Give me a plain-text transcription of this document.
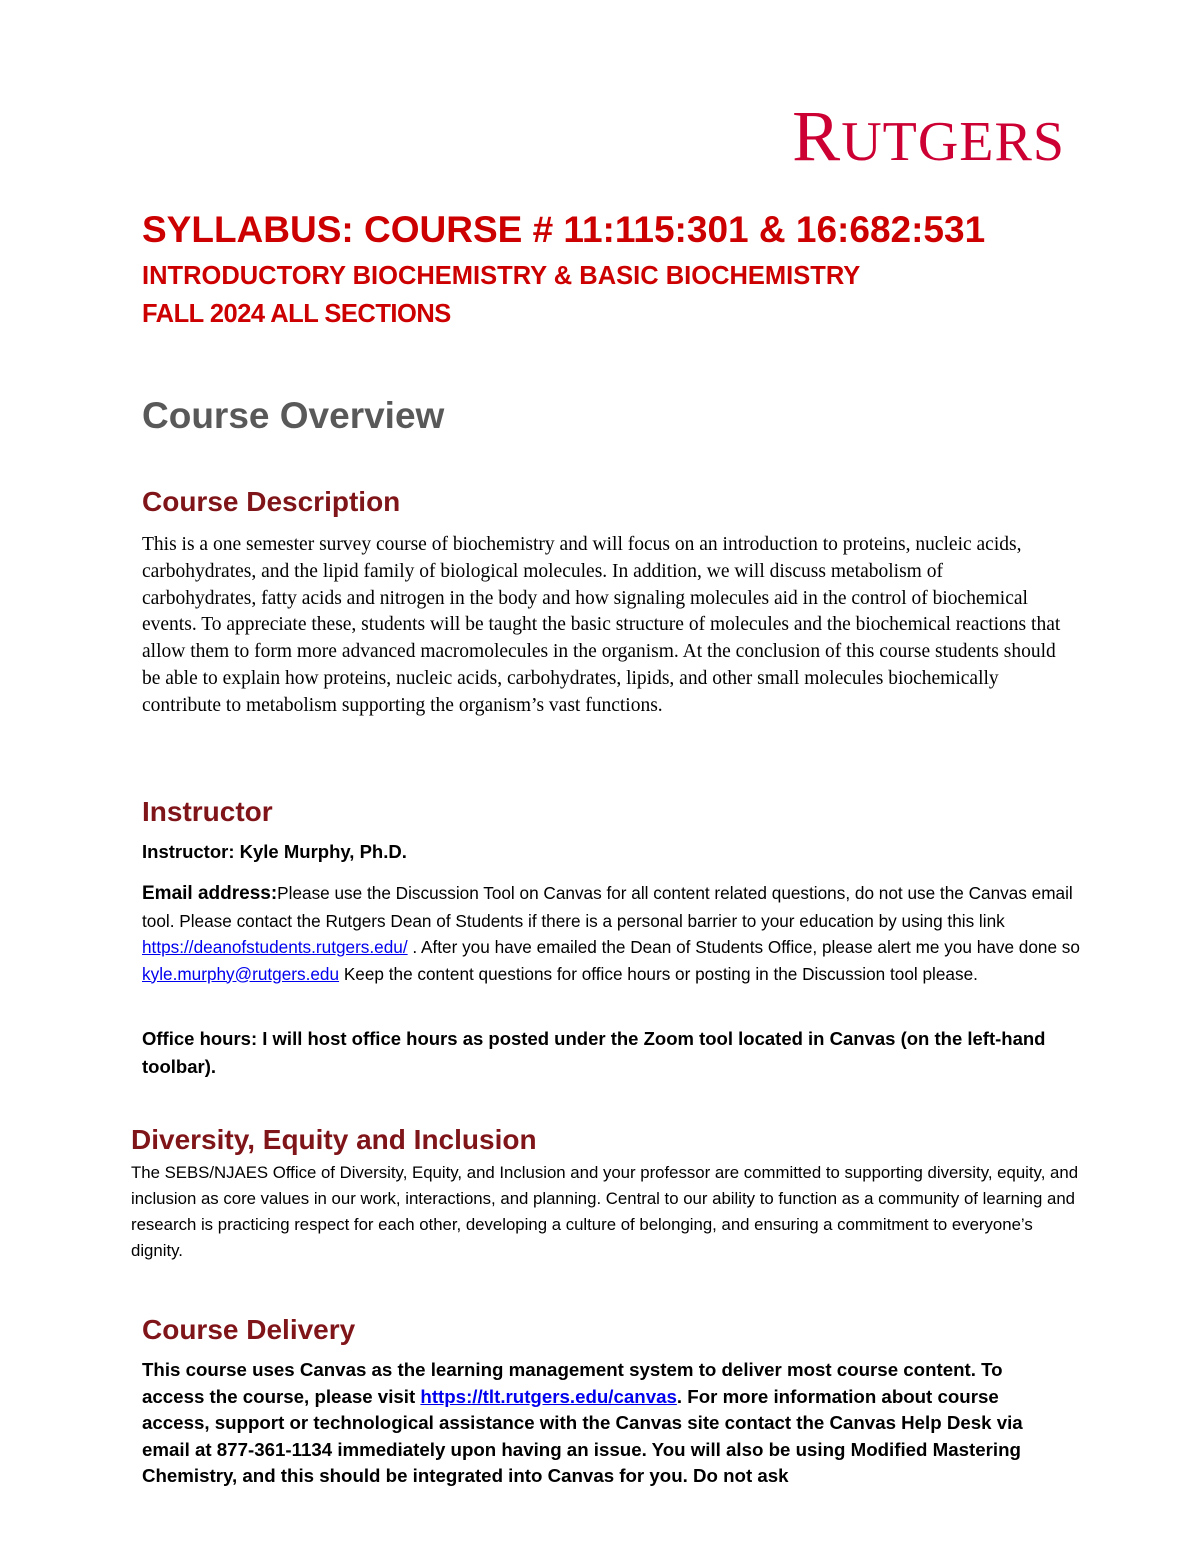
RUTGERS

SYLLABUS: COURSE # 11:115:301 & 16:682:531

INTRODUCTORY BIOCHEMISTRY & BASIC BIOCHEMISTRY

FALL 2024 ALL SECTIONS

Course Overview
Course Description

This is a one semester survey course of biochemistry and will focus on an introduction to proteins, nucleic acids, carbohydrates, and the lipid family of biological molecules. In addition, we will discuss metabolism of carbohydrates, fatty acids and nitrogen in the body and how signaling molecules aid in the control of biochemical events. To appreciate these, students will be taught the basic structure of molecules and the biochemical reactions that allow them to form more advanced macromolecules in the organism. At the conclusion of this course students should be able to explain how proteins, nucleic acids, carbohydrates, lipids, and other small molecules biochemically contribute to metabolism supporting the organism’s vast functions.

Instructor

Instructor: Kyle Murphy, Ph.D.

Email address:Please use the Discussion Tool on Canvas for all content related questions, do not use the Canvas email tool. Please contact the Rutgers Dean of Students if there is a personal barrier to your education by using this link https://deanofstudents.rutgers.edu/ . After you have emailed the Dean of Students Office, please alert me you have done so kyle.murphy@rutgers.edu Keep the content questions for office hours or posting in the Discussion tool please.

Office hours: I will host office hours as posted under the Zoom tool located in Canvas (on the left-hand toolbar).

Diversity, Equity and Inclusion

The SEBS/NJAES Office of Diversity, Equity, and Inclusion and your professor are committed to supporting diversity, equity, and inclusion as core values in our work, interactions, and planning. Central to our ability to function as a community of learning and research is practicing respect for each other, developing a culture of belonging, and ensuring a commitment to everyone’s dignity.

Course Delivery

This course uses Canvas as the learning management system to deliver most course content. To access the course, please visit https://tlt.rutgers.edu/canvas. For more information about course access, support or technological assistance with the Canvas site contact the Canvas Help Desk via email at 877-361-1134 immediately upon having an issue. You will also be using Modified Mastering Chemistry, and this should be integrated into Canvas for you. Do not ask
